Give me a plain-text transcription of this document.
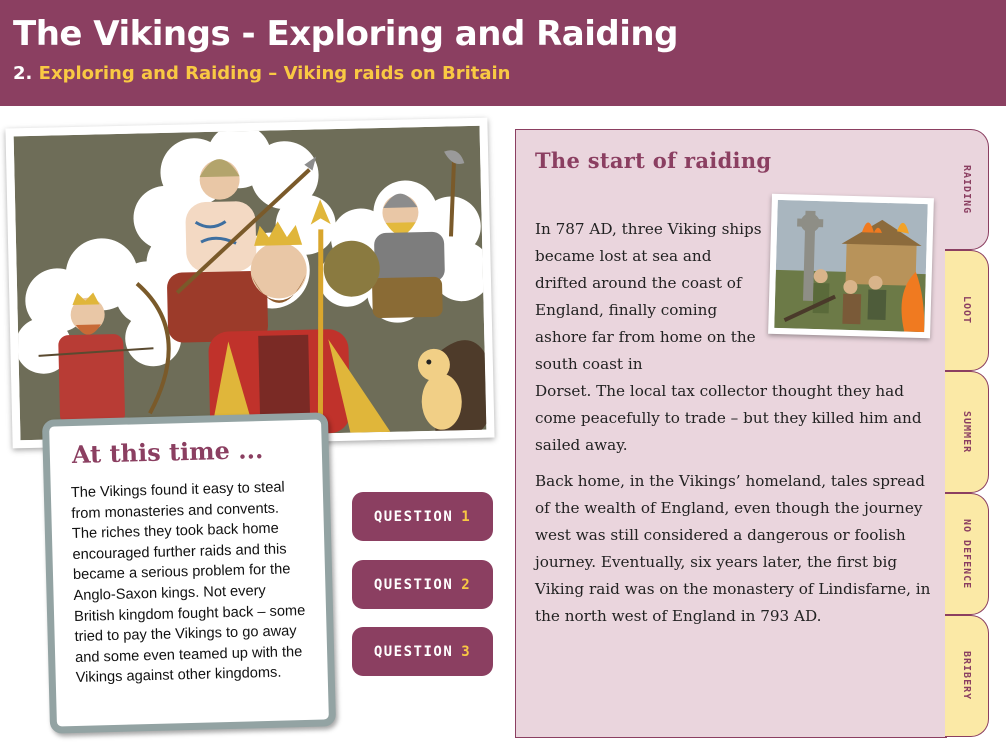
The Vikings - Exploring and Raiding
2. Exploring and Raiding – Viking raids on Britain
At this time ...
The Vikings found it easy to steal from monasteries and convents. The riches they took back home encouraged further raids and this became a serious problem for the Anglo-Saxon kings. Not every British kingdom fought back – some tried to pay the Vikings to go away and some even teamed up with the Vikings against other kingdoms.
QUESTION 1
QUESTION 2
QUESTION 3
The start of raiding

In 787 AD, three Viking ships became lost at sea and drifted around the coast of England, finally coming ashore far from home on the south coast in

Dorset. The local tax collector thought they had come peacefully to trade – but they killed him and sailed away.

Back home, in the Vikings’ homeland, tales spread of the wealth of England, even though the journey west was still considered a dangerous or foolish journey. Eventually, six years later, the first big Viking raid was on the monastery of Lindisfarne, in the north west of England in 793 AD.

RAIDING
LOOT
SUMMER
NO DEFENCE
BRIBERY
